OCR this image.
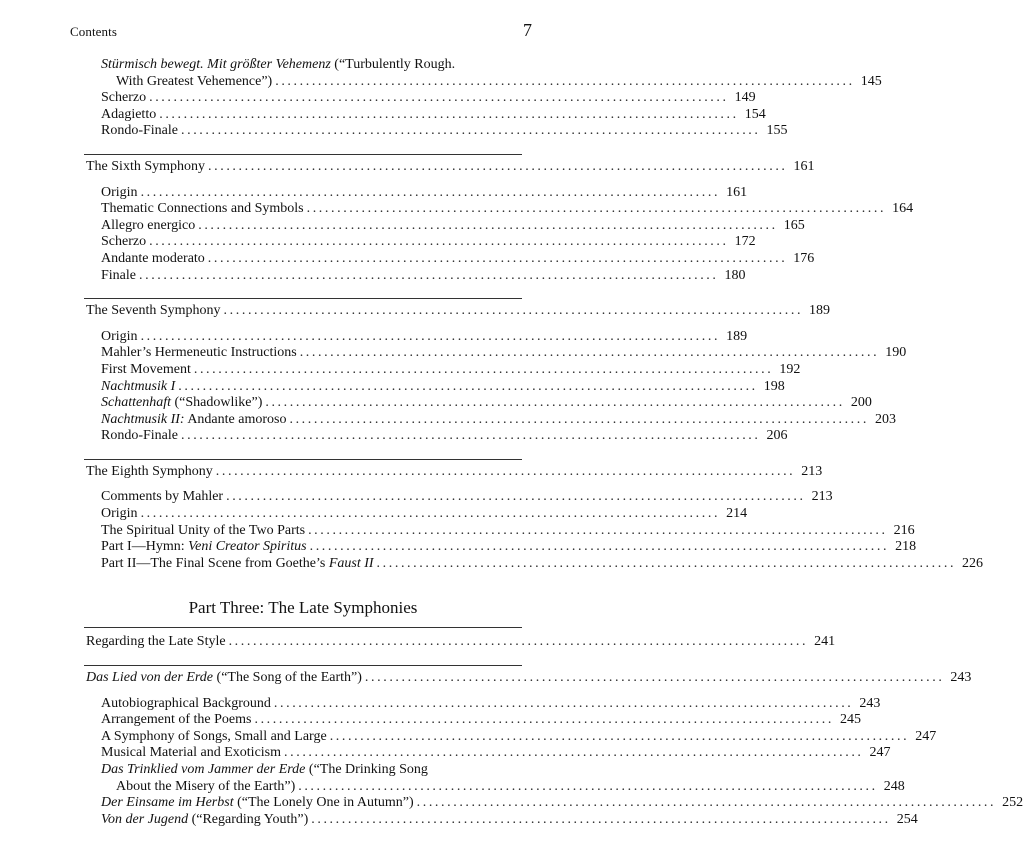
Contents	7
Stürmisch bewegt. Mit größter Vehemenz (“Turbulently Rough.
With Greatest Vehemence”) ............................................................................................... 145
Scherzo ............................................................................................... 149
Adagietto ............................................................................................... 154
Rondo-Finale ............................................................................................... 155
The Sixth Symphony ............................................................................................... 161
Origin ............................................................................................... 161
Thematic Connections and Symbols ............................................................................................... 164
Allegro energico ............................................................................................... 165
Scherzo ............................................................................................... 172
Andante moderato ............................................................................................... 176
Finale ............................................................................................... 180
The Seventh Symphony ............................................................................................... 189
Origin ............................................................................................... 189
Mahler’s Hermeneutic Instructions ............................................................................................... 190
First Movement ............................................................................................... 192
Nachtmusik I ............................................................................................... 198
Schattenhaft (“Shadowlike”) ............................................................................................... 200
Nachtmusik II: Andante amoroso ............................................................................................... 203
Rondo-Finale ............................................................................................... 206
The Eighth Symphony ............................................................................................... 213
Comments by Mahler ............................................................................................... 213
Origin ............................................................................................... 214
The Spiritual Unity of the Two Parts ............................................................................................... 216
Part I—Hymn: Veni Creator Spiritus ............................................................................................... 218
Part II—The Final Scene from Goethe’s Faust II ............................................................................................... 226
Part Three: The Late Symphonies
Regarding the Late Style ............................................................................................... 241
Das Lied von der Erde (“The Song of the Earth”) ............................................................................................... 243
Autobiographical Background ............................................................................................... 243
Arrangement of the Poems ............................................................................................... 245
A Symphony of Songs, Small and Large ............................................................................................... 247
Musical Material and Exoticism ............................................................................................... 247
Das Trinklied vom Jammer der Erde (“The Drinking Song
About the Misery of the Earth”) ............................................................................................... 248
Der Einsame im Herbst (“The Lonely One in Autumn”) ............................................................................................... 252
Von der Jugend (“Regarding Youth”) ............................................................................................... 254
